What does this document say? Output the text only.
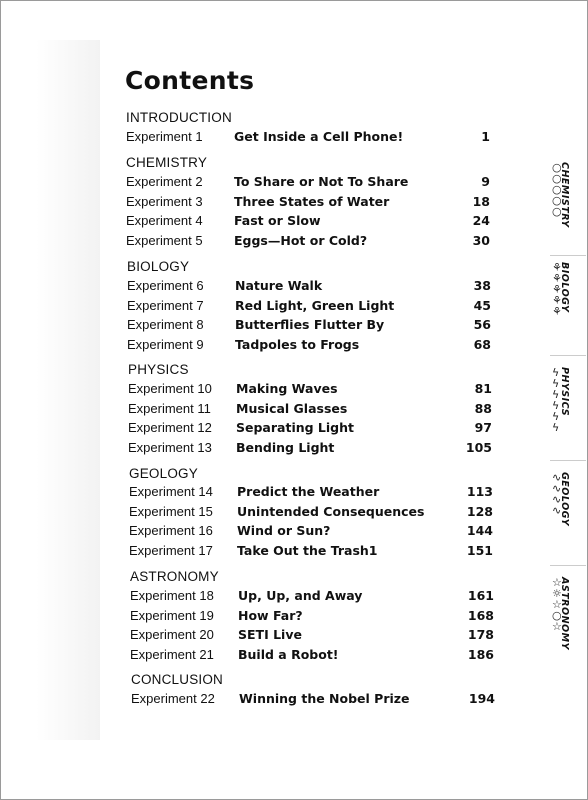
Contents
INTRODUCTION
Experiment 1	Get Inside a Cell Phone!	1
CHEMISTRY
Experiment 2	To Share or Not To Share	9
Experiment 3	Three States of Water	18
Experiment 4	Fast or Slow	24
Experiment 5	Eggs—Hot or Cold?	30
BIOLOGY
Experiment 6	Nature Walk	38
Experiment 7	Red Light, Green Light	45
Experiment 8	Butterflies Flutter By	56
Experiment 9	Tadpoles to Frogs	68
PHYSICS
Experiment 10 Making Waves	81
Experiment 11 Musical Glasses	88
Experiment 12 Separating Light	97
Experiment 13 Bending Light	105
GEOLOGY
Experiment 14 Predict the Weather	113
Experiment 15 Unintended Consequences	128
Experiment 16 Wind or Sun?	144
Experiment 17 Take Out the Trash1	151
ASTRONOMY
Experiment 18 Up, Up, and Away	161
Experiment 19 How Far?	168
Experiment 20 SETI Live	178
Experiment 21 Build a Robot!	186
CONCLUSION
Experiment 22 Winning the Nobel Prize	194
CHEMISTRY
○○○○○
BIOLOGY
⚘⚘⚘⚘⚘
PHYSICS
ϟϟϟϟϟϟ
GEOLOGY
∿∿∿∿
ASTRONOMY
☆☼☆○☆
